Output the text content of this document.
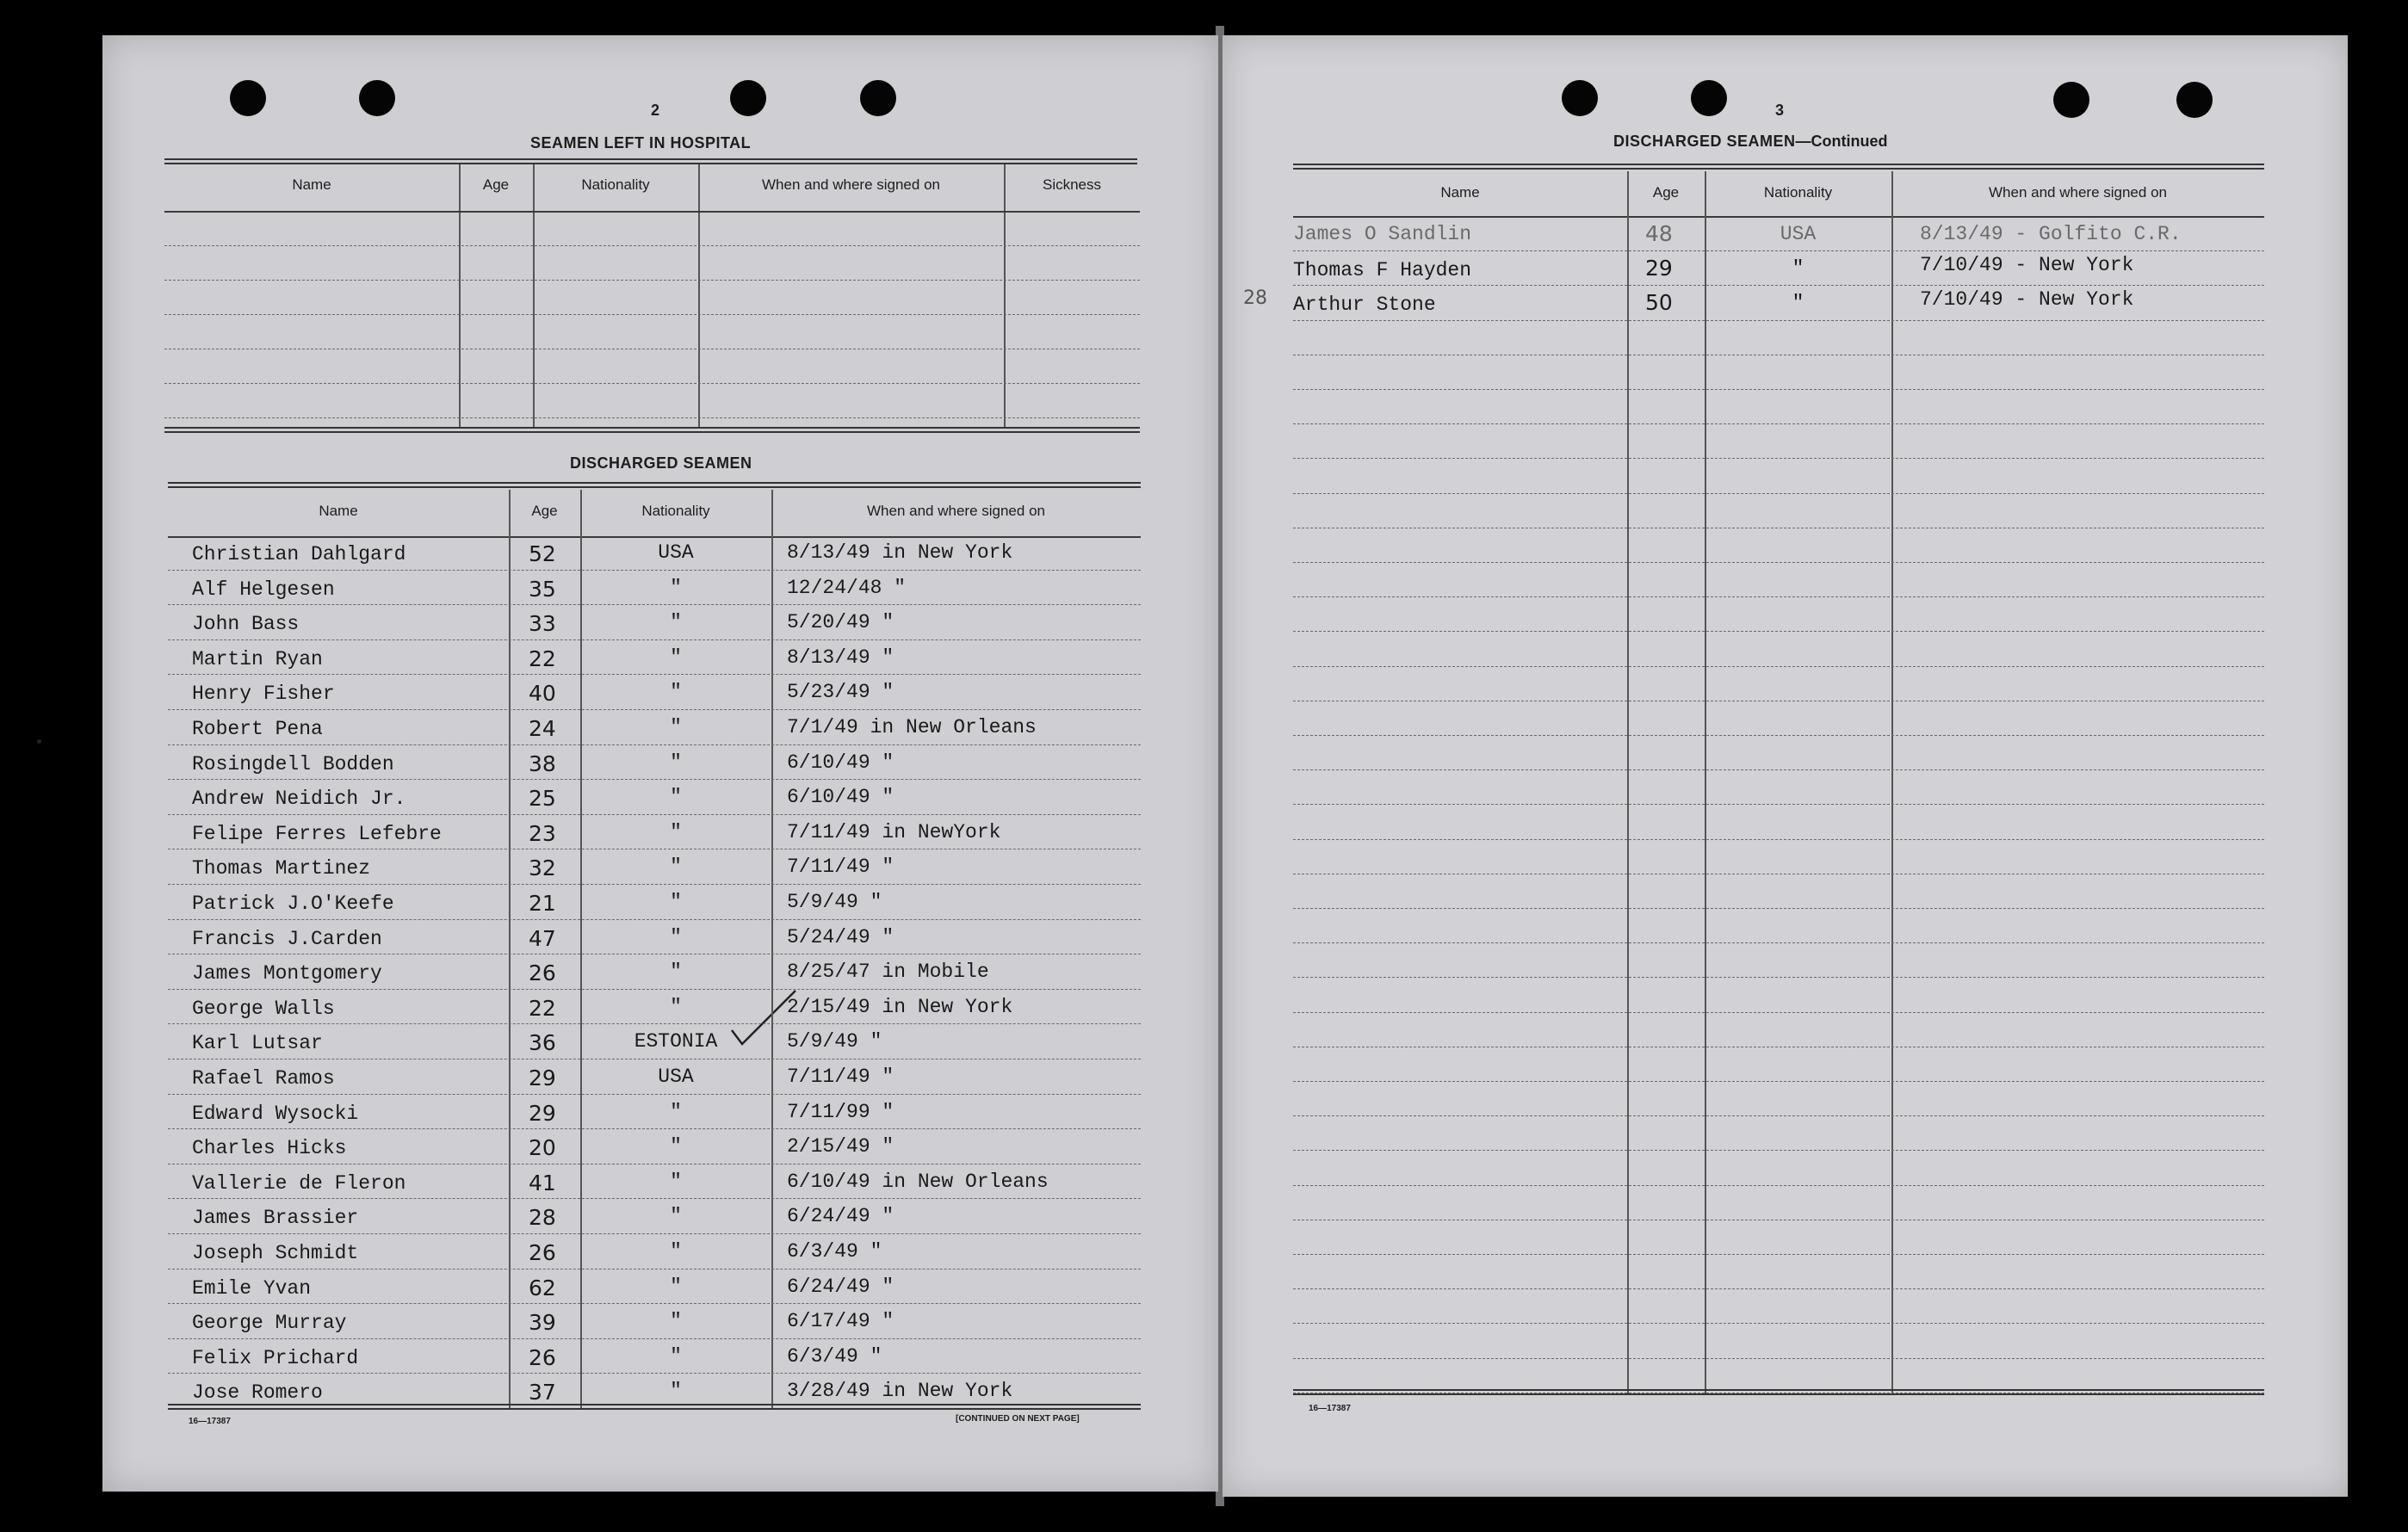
2
SEAMEN LEFT IN HOSPITAL
DISCHARGED SEAMEN
16—17387	[CONTINUED ON NEXT PAGE]
Name	Age	Nationality	When and where signed on	Sickness
Name	Age	Nationality	When and where signed on
Christian Dahlgard	52	USA	8/13/49 in New York
Alf Helgesen	35	"	12/24/48 "
John Bass	33	"	5/20/49 "
Martin Ryan	22	"	8/13/49 "
Henry Fisher	40	"	5/23/49 "
Robert Pena	24	"	7/1/49 in New Orleans
Rosingdell Bodden	38	"	6/10/49 "
Andrew Neidich Jr.	25	"	6/10/49 "
Felipe Ferres Lefebre	23	"	7/11/49 in NewYork
Thomas Martinez	32	"	7/11/49 "
Patrick J.O'Keefe	21	"	5/9/49 "
Francis J.Carden	47	"	5/24/49 "
James Montgomery	26	"	8/25/47 in Mobile
George Walls	22	"	2/15/49 in New York
Karl Lutsar	36	ESTONIA	5/9/49 "
Rafael Ramos	29	USA	7/11/49 "
Edward Wysocki	29	"	7/11/99 "
Charles Hicks	20	"	2/15/49 "
Vallerie de Fleron	41	"	6/10/49 in New Orleans
James Brassier	28	"	6/24/49 "
Joseph Schmidt	26	"	6/3/49 "
Emile Yvan	62	"	6/24/49 "
George Murray	39	"	6/17/49 "
Felix Prichard	26	"	6/3/49 "
Jose Romero	37	"	3/28/49 in New York
3
DISCHARGED SEAMEN—Continued
28
16—17387
Name	Age	Nationality	When and where signed on
James O Sandlin	48	USA	8/13/49 - Golfito C.R.
Thomas F Hayden	29	"	7/10/49 - New York
Arthur Stone	50	"	7/10/49 - New York
